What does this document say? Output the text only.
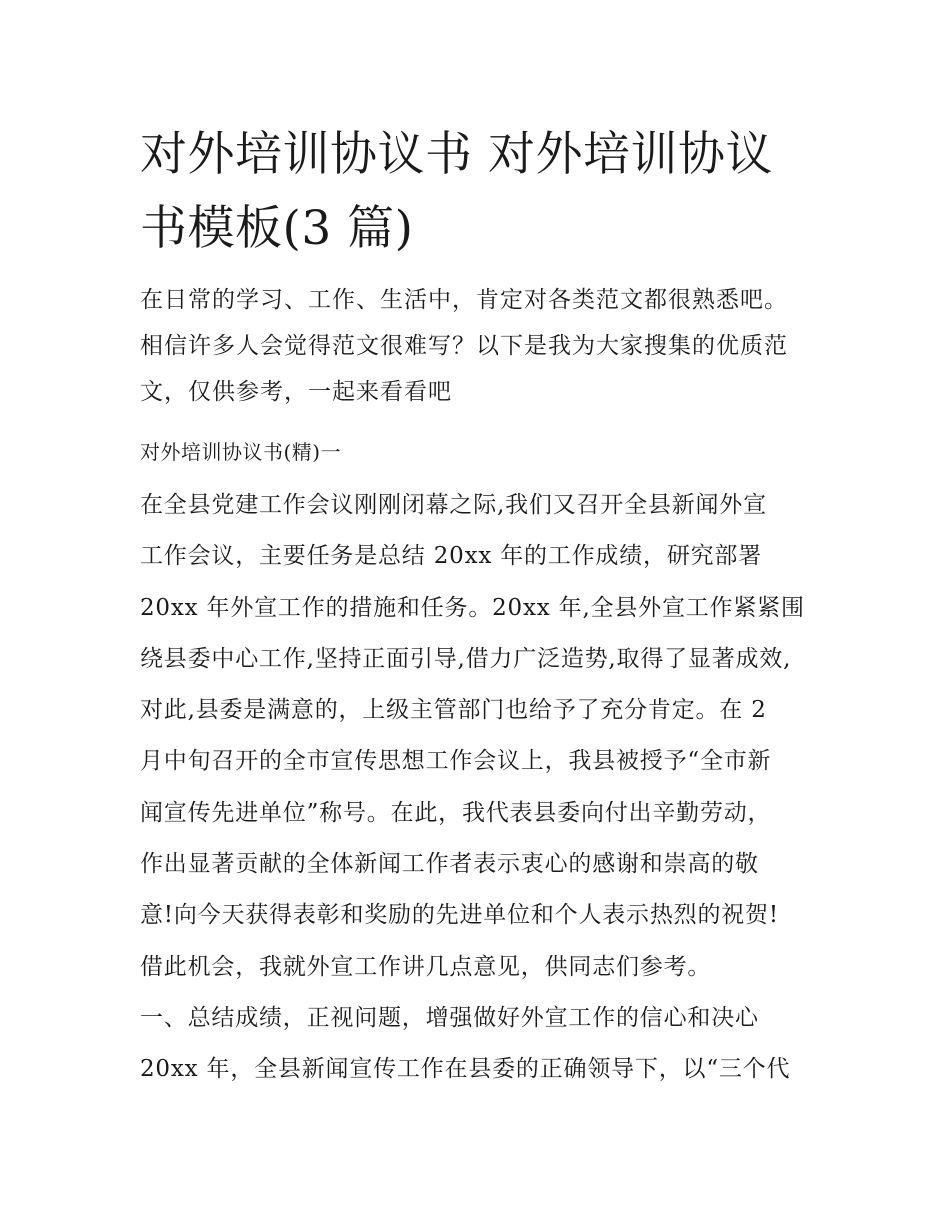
对外培训协议书 对外培训协议
书模板(3 篇)

在日常的学习、工作、生活中，肯定对各类范文都很熟悉吧。
相信许多人会觉得范文很难写？以下是我为大家搜集的优质范
文，仅供参考，一起来看看吧

对外培训协议书(精)一

在全县党建工作会议刚刚闭幕之际,我们又召开全县新闻外宣
工作会议，主要任务是总结 20xx 年的工作成绩，研究部署
20xx 年外宣工作的措施和任务。20xx 年,全县外宣工作紧紧围
绕县委中心工作,坚持正面引导,借力广泛造势,取得了显著成效,
对此,县委是满意的，上级主管部门也给予了充分肯定。在 2
月中旬召开的全市宣传思想工作会议上，我县被授予“全市新
闻宣传先进单位”称号。在此，我代表县委向付出辛勤劳动，
作出显著贡献的全体新闻工作者表示衷心的感谢和崇高的敬
意!向今天获得表彰和奖励的先进单位和个人表示热烈的祝贺!
借此机会，我就外宣工作讲几点意见，供同志们参考。
一、总结成绩，正视问题，增强做好外宣工作的信心和决心
20xx 年，全县新闻宣传工作在县委的正确领导下，以“三个代
